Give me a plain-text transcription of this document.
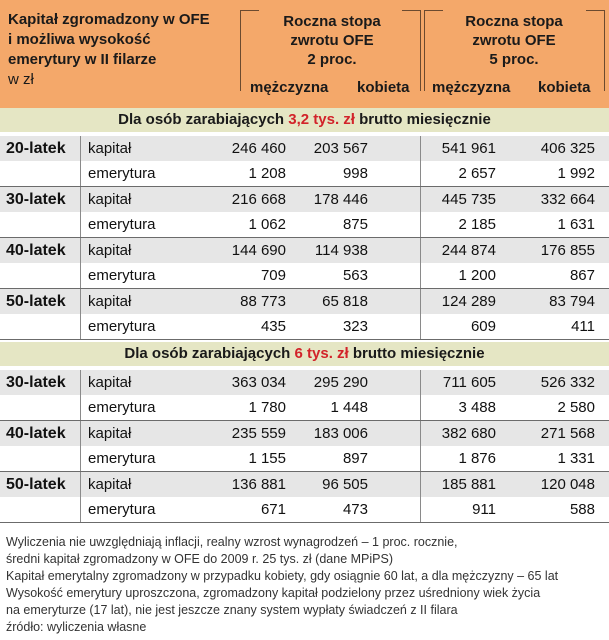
Kapitał zgromadzony w OFE
i możliwa wysokość
emerytury w II filarze
w zł
Roczna stopa
zwrotu OFE
2 proc.
Roczna stopa
zwrotu OFE
5 proc.
mężczyzna kobieta mężczyzna kobieta
Dla osób zarabiających 3,2 tys. zł brutto miesięcznie
20-latek kapitał	246 460	203 567	541 961	406 325
emerytura	1 208	998	2 657	1 992
30-latek kapitał	216 668	178 446	445 735	332 664
emerytura	1 062	875	2 185	1 631
40-latek kapitał	144 690	114 938	244 874	176 855
emerytura	709	563	1 200	867
50-latek kapitał	88 773	65 818	124 289	83 794
emerytura	435	323	609	411
Dla osób zarabiających 6 tys. zł brutto miesięcznie
30-latek kapitał	363 034	295 290	711 605	526 332
emerytura	1 780	1 448	3 488	2 580
40-latek kapitał	235 559	183 006	382 680	271 568
emerytura	1 155	897	1 876	1 331
50-latek kapitał	136 881	96 505	185 881	120 048
emerytura	671	473	911	588
Wyliczenia nie uwzględniają inflacji, realny wzrost wynagrodzeń – 1 proc. rocznie,
średni kapitał zgromadzony w OFE do 2009 r. 25 tys. zł (dane MPiPS)
Kapitał emerytalny zgromadzony w przypadku kobiety, gdy osiągnie 60 lat, a dla mężczyzny – 65 lat
Wysokość emerytury uproszczona, zgromadzony kapitał podzielony przez uśredniony wiek życia
na emeryturze (17 lat), nie jest jeszcze znany system wypłaty świadczeń z II filara
źródło: wyliczenia własne
